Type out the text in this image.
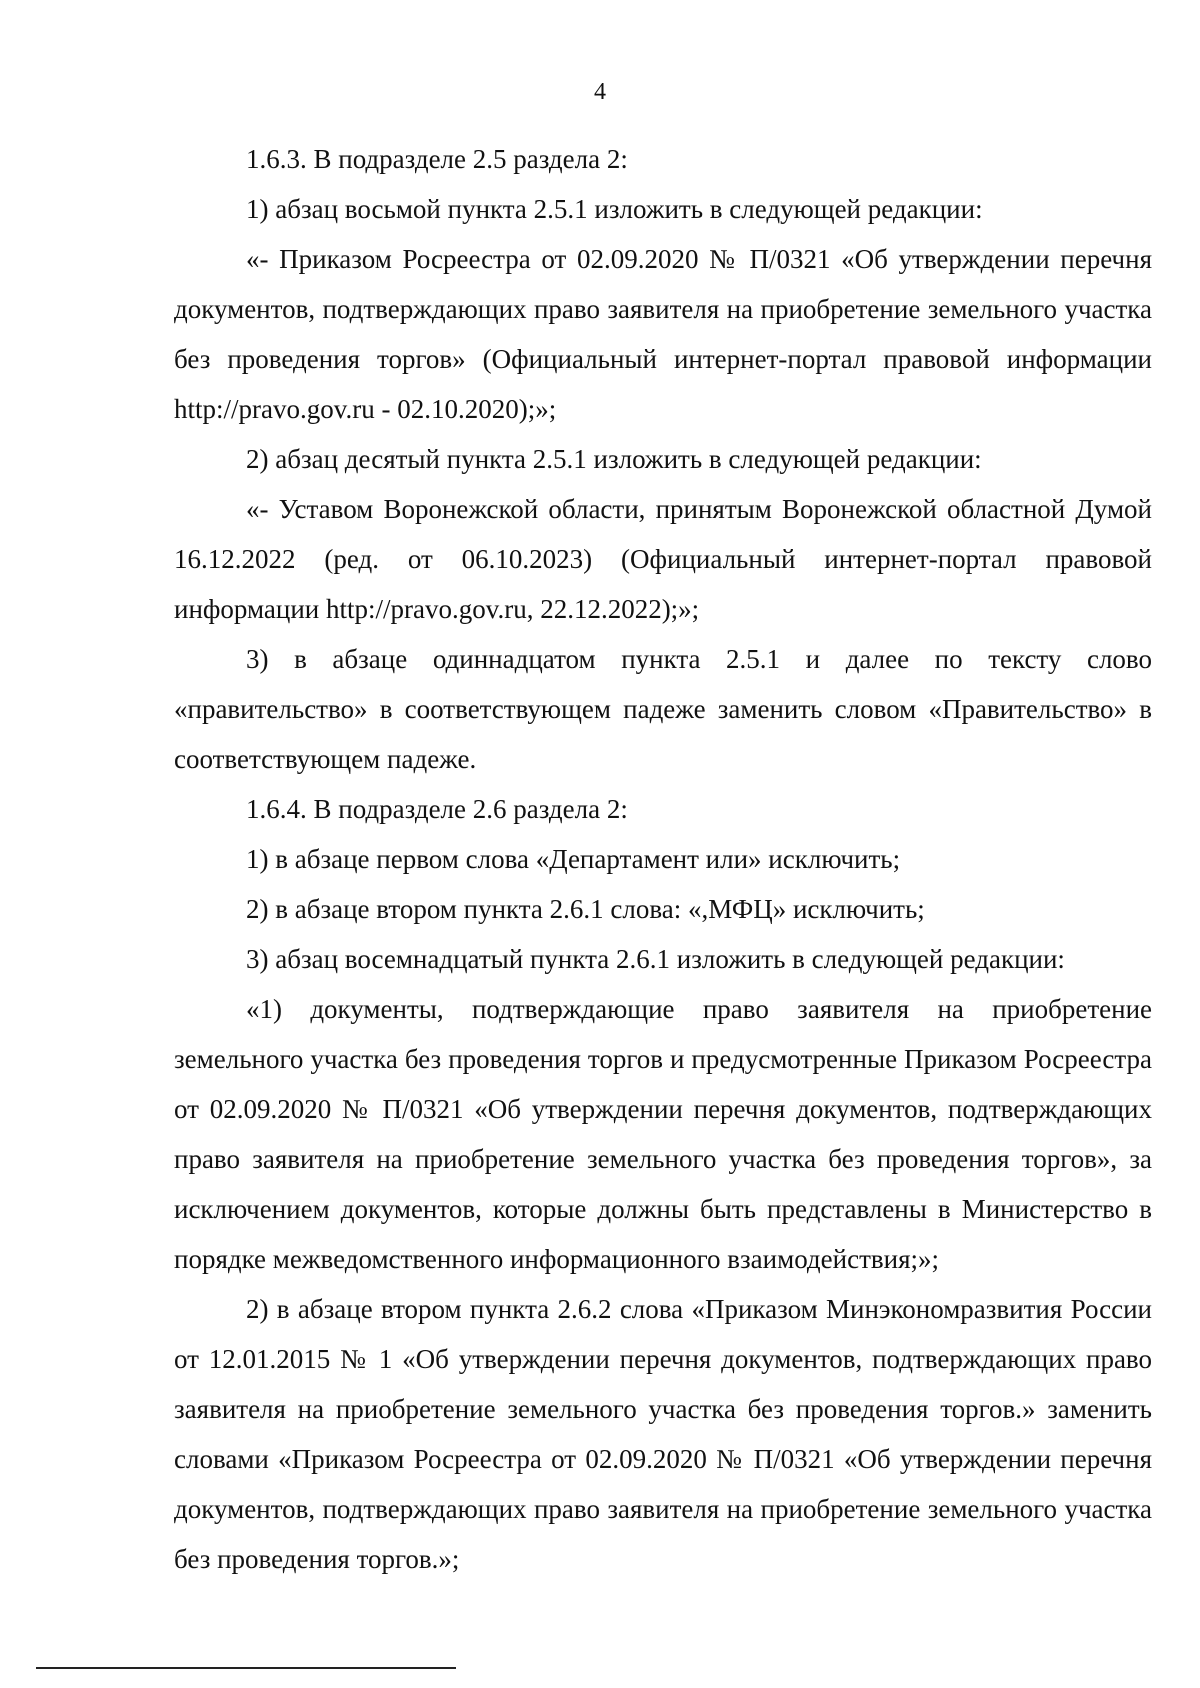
4

1.6.3. В подразделе 2.5 раздела 2:

1) абзац восьмой пункта 2.5.1 изложить в следующей редакции:

«- Приказом Росреестра от 02.09.2020 № П/0321 «Об утверждении перечня документов, подтверждающих право заявителя на приобретение земельного участка без проведения торгов» (Официальный интернет-портал правовой информации http://pravo.gov.ru - 02.10.2020);»;

2) абзац десятый пункта 2.5.1 изложить в следующей редакции:

«- Уставом Воронежской области, принятым Воронежской областной Думой 16.12.2022 (ред. от 06.10.2023) (Официальный интернет-портал правовой информации http://pravo.gov.ru, 22.12.2022);»;

3) в абзаце одиннадцатом пункта 2.5.1 и далее по тексту слово «правительство» в соответствующем падеже заменить словом «Правительство» в соответствующем падеже.

1.6.4. В подразделе 2.6 раздела 2:

1) в абзаце первом слова «Департамент или» исключить;

2) в абзаце втором пункта 2.6.1 слова: «,МФЦ» исключить;

3) абзац восемнадцатый пункта 2.6.1 изложить в следующей редакции:

«1) документы, подтверждающие право заявителя на приобретение земельного участка без проведения торгов и предусмотренные Приказом Росреестра от 02.09.2020 № П/0321 «Об утверждении перечня документов, подтверждающих право заявителя на приобретение земельного участка без проведения торгов», за исключением документов, которые должны быть представлены в Министерство в порядке межведомственного информационного взаимодействия;»;

2) в абзаце втором пункта 2.6.2 слова «Приказом Минэкономразвития России от 12.01.2015 № 1 «Об утверждении перечня документов, подтверждающих право заявителя на приобретение земельного участка без проведения торгов.» заменить словами «Приказом Росреестра от 02.09.2020 № П/0321 «Об утверждении перечня документов, подтверждающих право заявителя на приобретение земельного участка без проведения торгов.»;
